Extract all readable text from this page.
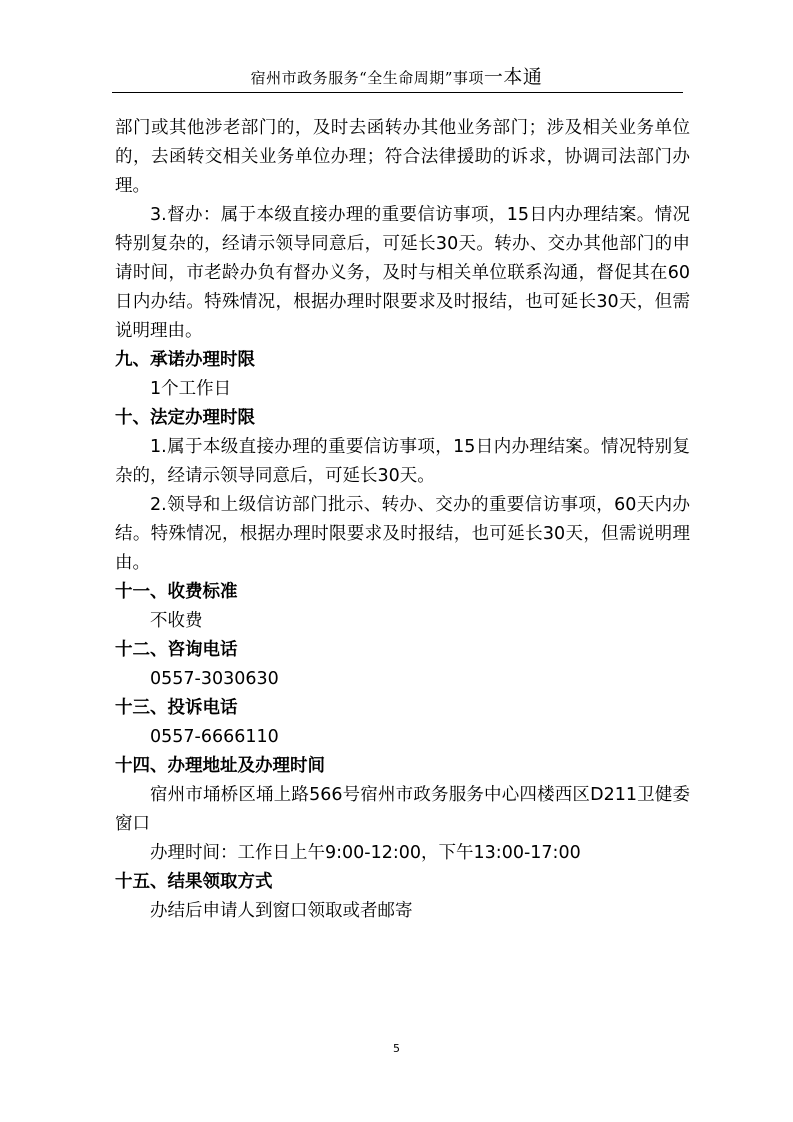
宿州市政务服务“全生命周期”事项一本通

部门或其他涉老部门的，及时去函转办其他业务部门；涉及相关业务单位的，去函转交相关业务单位办理；符合法律援助的诉求，协调司法部门办理。

3.督办：属于本级直接办理的重要信访事项，15日内办理结案。情况特别复杂的，经请示领导同意后，可延长30天。转办、交办其他部门的申请时间，市老龄办负有督办义务，及时与相关单位联系沟通，督促其在60日内办结。特殊情况，根据办理时限要求及时报结，也可延长30天，但需说明理由。

九、承诺办理时限

1个工作日

十、法定办理时限

1.属于本级直接办理的重要信访事项，15日内办理结案。情况特别复杂的，经请示领导同意后，可延长30天。

2.领导和上级信访部门批示、转办、交办的重要信访事项，60天内办结。特殊情况，根据办理时限要求及时报结，也可延长30天，但需说明理由。

十一、收费标准

不收费

十二、咨询电话

0557-3030630

十三、投诉电话

0557-6666110

十四、办理地址及办理时间

宿州市埇桥区埇上路566号宿州市政务服务中心四楼西区D211卫健委窗口

办理时间：工作日上午9:00-12:00，下午13:00-17:00

十五、结果领取方式

办结后申请人到窗口领取或者邮寄

5
